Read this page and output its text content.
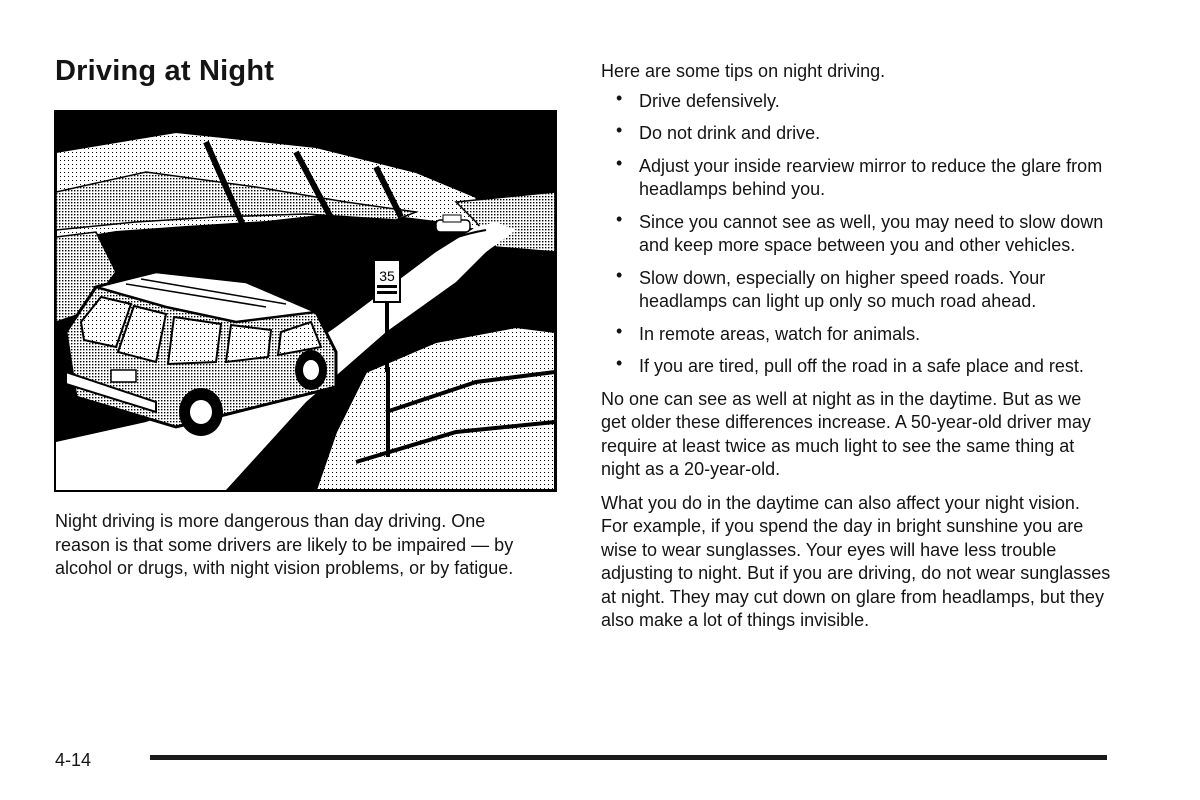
Driving at Night
35

Night driving is more dangerous than day driving. One reason is that some drivers are likely to be impaired — by alcohol or drugs, with night vision problems, or by fatigue.

Here are some tips on night driving.

• Drive defensively.
• Do not drink and drive.
• Adjust your inside rearview mirror to reduce the glare from headlamps behind you.
• Since you cannot see as well, you may need to slow down and keep more space between you and other vehicles.
• Slow down, especially on higher speed roads. Your headlamps can light up only so much road ahead.
• In remote areas, watch for animals.
• If you are tired, pull off the road in a safe place and rest.

No one can see as well at night as in the daytime. But as we get older these differences increase. A 50-year-old driver may require at least twice as much light to see the same thing at night as a 20-year-old.

What you do in the daytime can also affect your night vision. For example, if you spend the day in bright sunshine you are wise to wear sunglasses. Your eyes will have less trouble adjusting to night. But if you are driving, do not wear sunglasses at night. They may cut down on glare from headlamps, but they also make a lot of things invisible.

4-14
